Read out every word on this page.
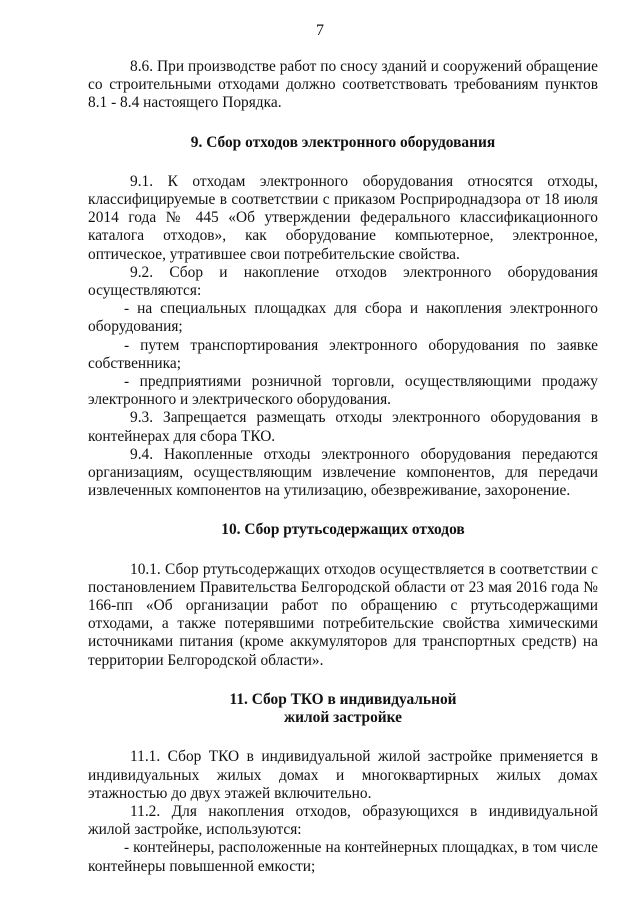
7

8.6. При производстве работ по сносу зданий и сооружений обращение со строительными отходами должно соответствовать требованиям пунктов 8.1 - 8.4 настоящего Порядка.

9. Сбор отходов электронного оборудования

9.1. К отходам электронного оборудования относятся отходы, классифицируемые в соответствии с приказом Росприроднадзора от 18 июля 2014 года № 445 «Об утверждении федерального классификационного каталога отходов», как оборудование компьютерное, электронное, оптическое, утратившее свои потребительские свойства.

9.2. Сбор и накопление отходов электронного оборудования осуществляются:

- на специальных площадках для сбора и накопления электронного оборудования;

- путем транспортирования электронного оборудования по заявке собственника;

- предприятиями розничной торговли, осуществляющими продажу электронного и электрического оборудования.

9.3. Запрещается размещать отходы электронного оборудования в контейнерах для сбора ТКО.

9.4. Накопленные отходы электронного оборудования передаются организациям, осуществляющим извлечение компонентов, для передачи извлеченных компонентов на утилизацию, обезвреживание, захоронение.

10. Сбор ртутьсодержащих отходов

10.1. Сбор ртутьсодержащих отходов осуществляется в соответствии с постановлением Правительства Белгородской области от 23 мая 2016 года № 166-пп «Об организации работ по обращению с ртутьсодержащими отходами, а также потерявшими потребительские свойства химическими источниками питания (кроме аккумуляторов для транспортных средств) на территории Белгородской области».

11. Сбор ТКО в индивидуальной
жилой застройке

11.1. Сбор ТКО в индивидуальной жилой застройке применяется в индивидуальных жилых домах и многоквартирных жилых домах этажностью до двух этажей включительно.

11.2. Для накопления отходов, образующихся в индивидуальной жилой застройке, используются:

- контейнеры, расположенные на контейнерных площадках, в том числе контейнеры повышенной емкости;
